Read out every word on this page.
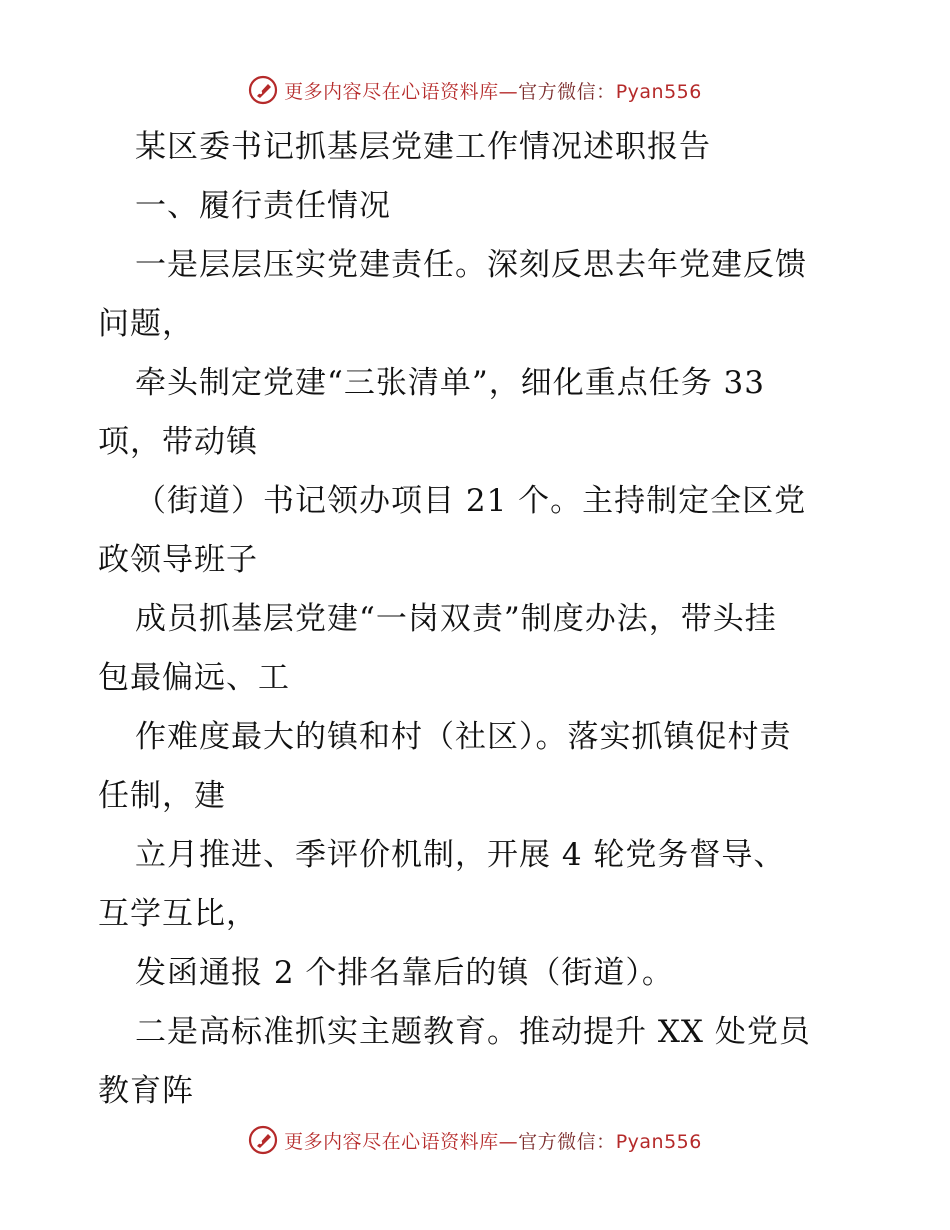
更多内容尽在心语资料库—官方微信：Pyan556
某区委书记抓基层党建工作情况述职报告
一、履行责任情况
一是层层压实党建责任。深刻反思去年党建反馈
问题，
牵头制定党建“三张清单”，细化重点任务 33
项，带动镇
（街道）书记领办项目 21 个。主持制定全区党
政领导班子
成员抓基层党建“一岗双责”制度办法，带头挂
包最偏远、工
作难度最大的镇和村（社区）。落实抓镇促村责
任制，建
立月推进、季评价机制，开展 4 轮党务督导、
互学互比，
发函通报 2 个排名靠后的镇（街道）。
二是高标准抓实主题教育。推动提升 XX 处党员
教育阵
更多内容尽在心语资料库—官方微信：Pyan556
